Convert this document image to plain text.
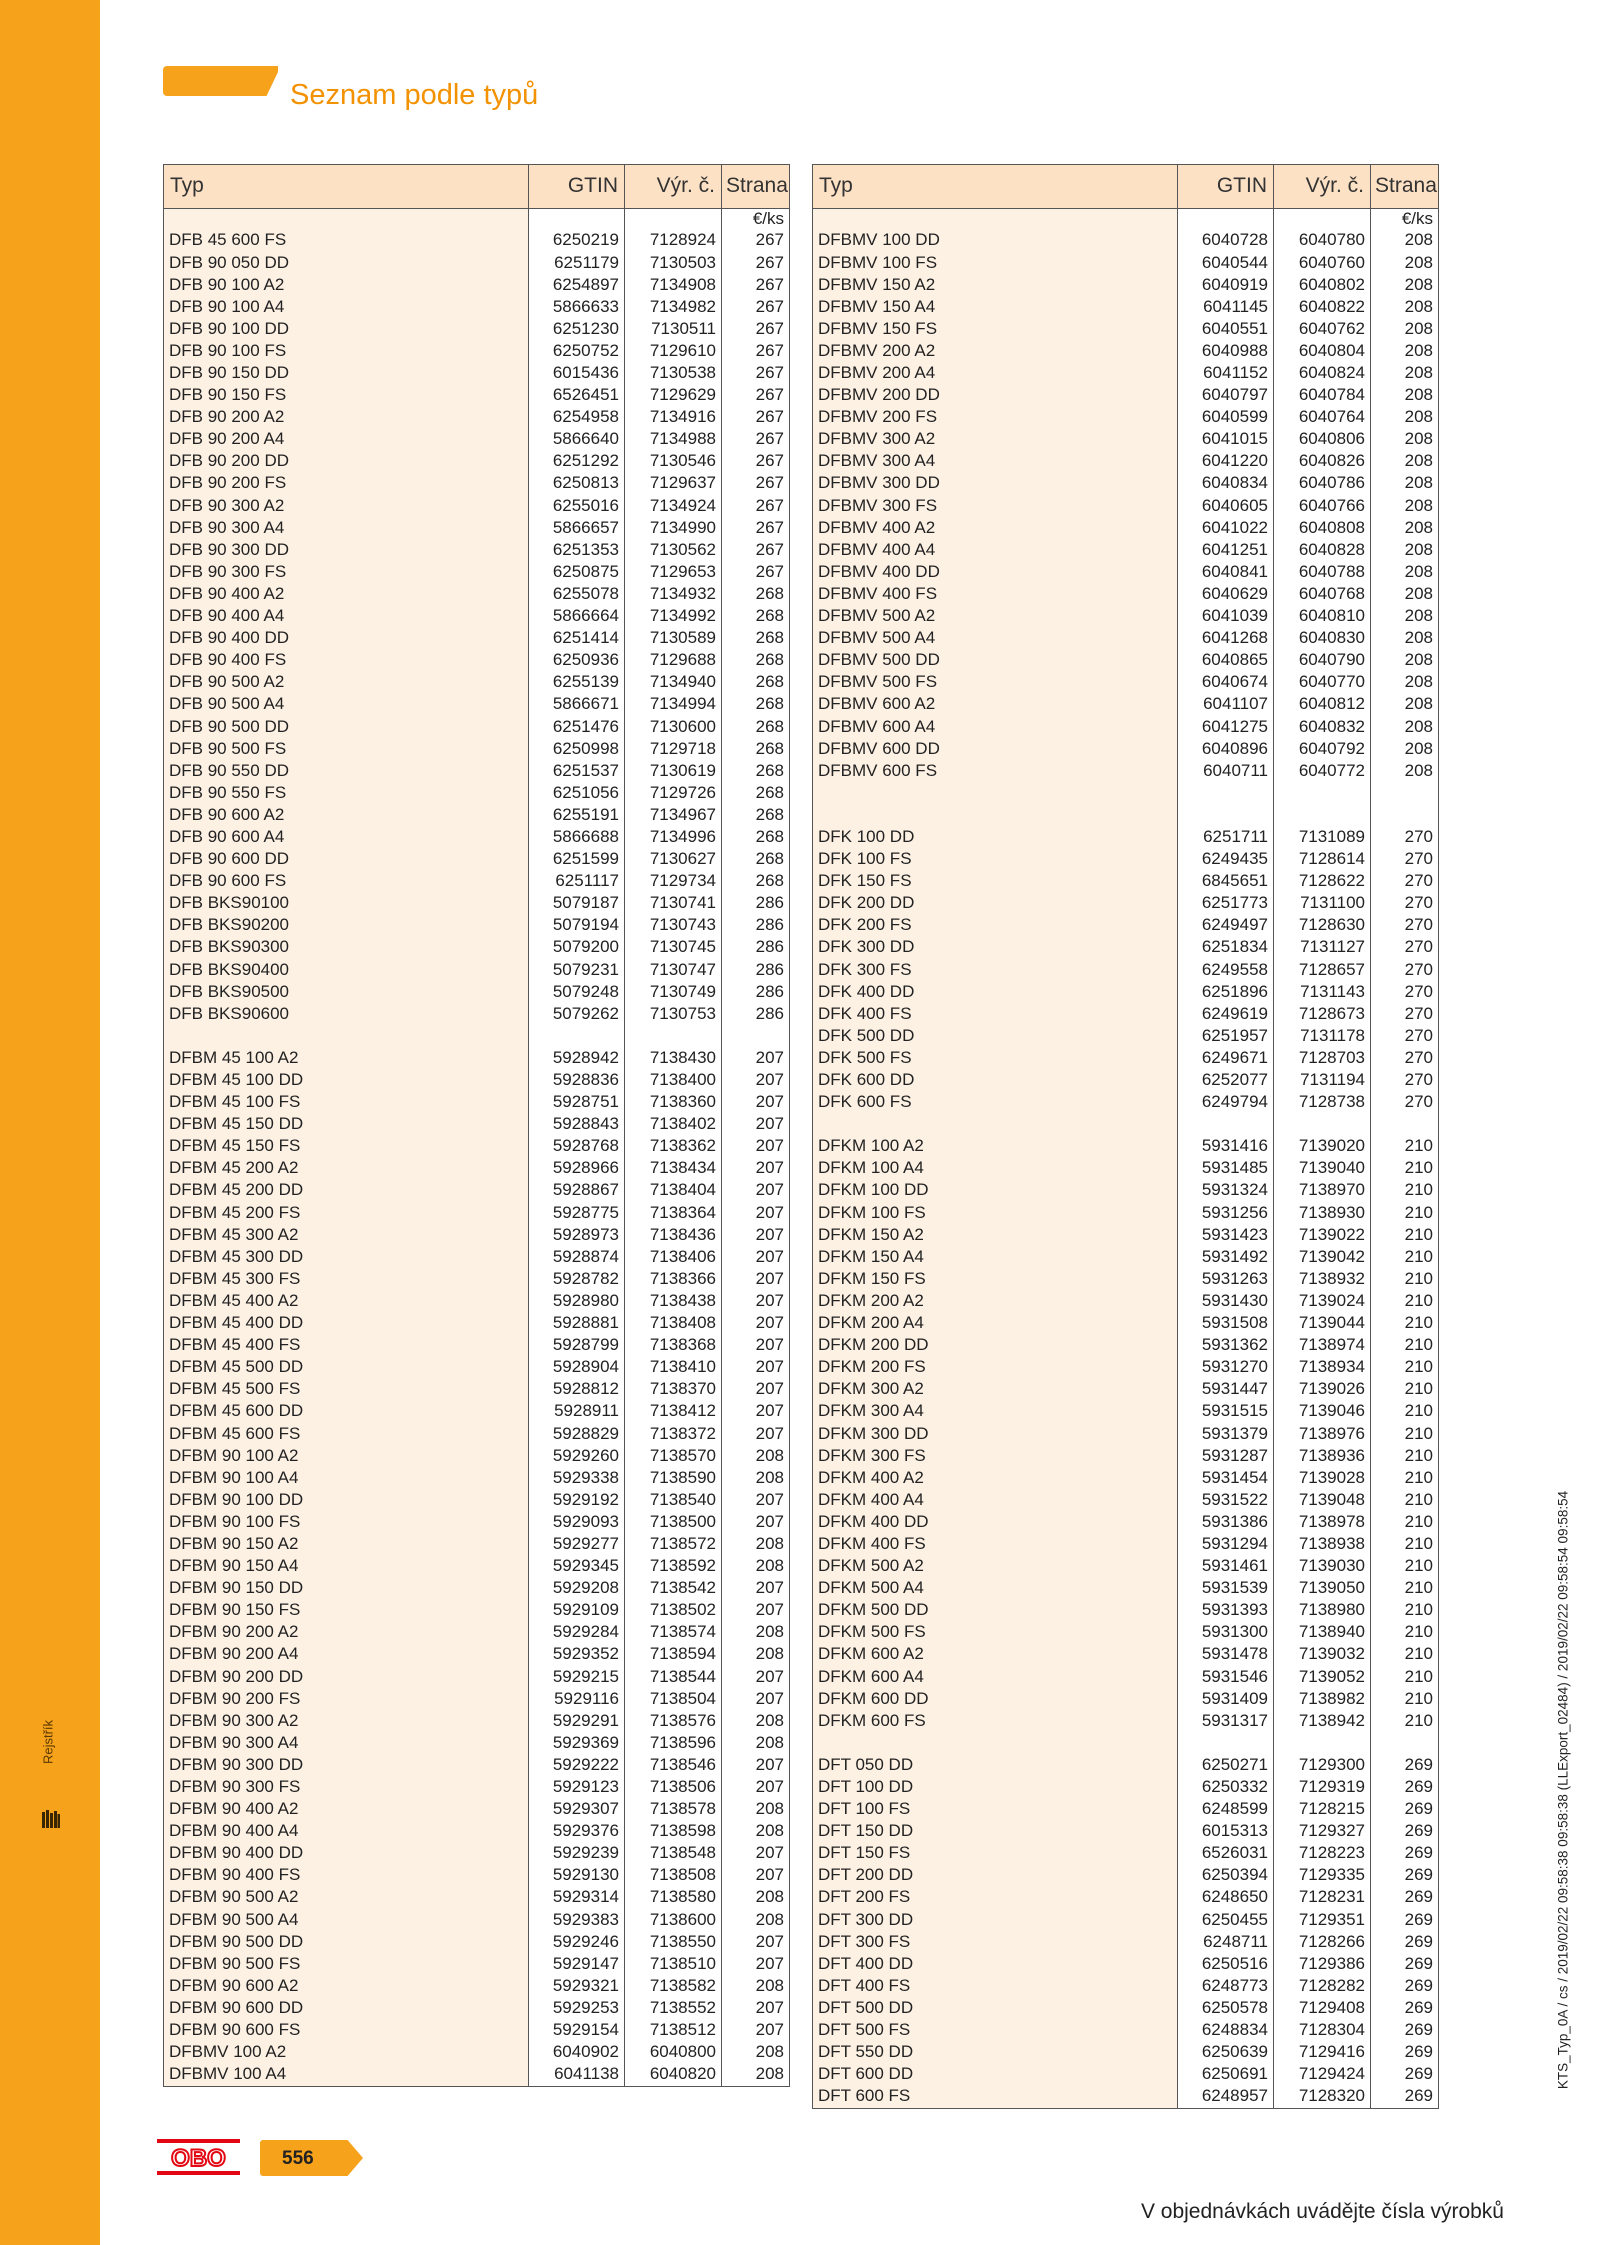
Seznam podle typů
Typ	GTIN	Výr. č.	Strana
			€/ks
DFB 45 600 FS	6250219	7128924	267
DFB 90 050 DD	6251179	7130503	267
DFB 90 100 A2	6254897	7134908	267
DFB 90 100 A4	5866633	7134982	267
DFB 90 100 DD	6251230	7130511	267
DFB 90 100 FS	6250752	7129610	267
DFB 90 150 DD	6015436	7130538	267
DFB 90 150 FS	6526451	7129629	267
DFB 90 200 A2	6254958	7134916	267
DFB 90 200 A4	5866640	7134988	267
DFB 90 200 DD	6251292	7130546	267
DFB 90 200 FS	6250813	7129637	267
DFB 90 300 A2	6255016	7134924	267
DFB 90 300 A4	5866657	7134990	267
DFB 90 300 DD	6251353	7130562	267
DFB 90 300 FS	6250875	7129653	267
DFB 90 400 A2	6255078	7134932	268
DFB 90 400 A4	5866664	7134992	268
DFB 90 400 DD	6251414	7130589	268
DFB 90 400 FS	6250936	7129688	268
DFB 90 500 A2	6255139	7134940	268
DFB 90 500 A4	5866671	7134994	268
DFB 90 500 DD	6251476	7130600	268
DFB 90 500 FS	6250998	7129718	268
DFB 90 550 DD	6251537	7130619	268
DFB 90 550 FS	6251056	7129726	268
DFB 90 600 A2	6255191	7134967	268
DFB 90 600 A4	5866688	7134996	268
DFB 90 600 DD	6251599	7130627	268
DFB 90 600 FS	6251117	7129734	268
DFB BKS90100	5079187	7130741	286
DFB BKS90200	5079194	7130743	286
DFB BKS90300	5079200	7130745	286
DFB BKS90400	5079231	7130747	286
DFB BKS90500	5079248	7130749	286
DFB BKS90600	5079262	7130753	286

DFBM 45 100 A2	5928942	7138430	207
DFBM 45 100 DD	5928836	7138400	207
DFBM 45 100 FS	5928751	7138360	207
DFBM 45 150 DD	5928843	7138402	207
DFBM 45 150 FS	5928768	7138362	207
DFBM 45 200 A2	5928966	7138434	207
DFBM 45 200 DD	5928867	7138404	207
DFBM 45 200 FS	5928775	7138364	207
DFBM 45 300 A2	5928973	7138436	207
DFBM 45 300 DD	5928874	7138406	207
DFBM 45 300 FS	5928782	7138366	207
DFBM 45 400 A2	5928980	7138438	207
DFBM 45 400 DD	5928881	7138408	207
DFBM 45 400 FS	5928799	7138368	207
DFBM 45 500 DD	5928904	7138410	207
DFBM 45 500 FS	5928812	7138370	207
DFBM 45 600 DD	5928911	7138412	207
DFBM 45 600 FS	5928829	7138372	207
DFBM 90 100 A2	5929260	7138570	208
DFBM 90 100 A4	5929338	7138590	208
DFBM 90 100 DD	5929192	7138540	207
DFBM 90 100 FS	5929093	7138500	207
DFBM 90 150 A2	5929277	7138572	208
DFBM 90 150 A4	5929345	7138592	208
DFBM 90 150 DD	5929208	7138542	207
DFBM 90 150 FS	5929109	7138502	207
DFBM 90 200 A2	5929284	7138574	208
DFBM 90 200 A4	5929352	7138594	208
DFBM 90 200 DD	5929215	7138544	207
DFBM 90 200 FS	5929116	7138504	207
DFBM 90 300 A2	5929291	7138576	208
DFBM 90 300 A4	5929369	7138596	208
DFBM 90 300 DD	5929222	7138546	207
DFBM 90 300 FS	5929123	7138506	207
DFBM 90 400 A2	5929307	7138578	208
DFBM 90 400 A4	5929376	7138598	208
DFBM 90 400 DD	5929239	7138548	207
DFBM 90 400 FS	5929130	7138508	207
DFBM 90 500 A2	5929314	7138580	208
DFBM 90 500 A4	5929383	7138600	208
DFBM 90 500 DD	5929246	7138550	207
DFBM 90 500 FS	5929147	7138510	207
DFBM 90 600 A2	5929321	7138582	208
DFBM 90 600 DD	5929253	7138552	207
DFBM 90 600 FS	5929154	7138512	207
DFBMV 100 A2	6040902	6040800	208
DFBMV 100 A4	6041138	6040820	208
Typ	GTIN	Výr. č.	Strana
			€/ks
DFBMV 100 DD	6040728	6040780	208
DFBMV 100 FS	6040544	6040760	208
DFBMV 150 A2	6040919	6040802	208
DFBMV 150 A4	6041145	6040822	208
DFBMV 150 FS	6040551	6040762	208
DFBMV 200 A2	6040988	6040804	208
DFBMV 200 A4	6041152	6040824	208
DFBMV 200 DD	6040797	6040784	208
DFBMV 200 FS	6040599	6040764	208
DFBMV 300 A2	6041015	6040806	208
DFBMV 300 A4	6041220	6040826	208
DFBMV 300 DD	6040834	6040786	208
DFBMV 300 FS	6040605	6040766	208
DFBMV 400 A2	6041022	6040808	208
DFBMV 400 A4	6041251	6040828	208
DFBMV 400 DD	6040841	6040788	208
DFBMV 400 FS	6040629	6040768	208
DFBMV 500 A2	6041039	6040810	208
DFBMV 500 A4	6041268	6040830	208
DFBMV 500 DD	6040865	6040790	208
DFBMV 500 FS	6040674	6040770	208
DFBMV 600 A2	6041107	6040812	208
DFBMV 600 A4	6041275	6040832	208
DFBMV 600 DD	6040896	6040792	208
DFBMV 600 FS	6040711	6040772	208

DFK 100 DD	6251711	7131089	270
DFK 100 FS	6249435	7128614	270
DFK 150 FS	6845651	7128622	270
DFK 200 DD	6251773	7131100	270
DFK 200 FS	6249497	7128630	270
DFK 300 DD	6251834	7131127	270
DFK 300 FS	6249558	7128657	270
DFK 400 DD	6251896	7131143	270
DFK 400 FS	6249619	7128673	270
DFK 500 DD	6251957	7131178	270
DFK 500 FS	6249671	7128703	270
DFK 600 DD	6252077	7131194	270
DFK 600 FS	6249794	7128738	270

DFKM 100 A2	5931416	7139020	210
DFKM 100 A4	5931485	7139040	210
DFKM 100 DD	5931324	7138970	210
DFKM 100 FS	5931256	7138930	210
DFKM 150 A2	5931423	7139022	210
DFKM 150 A4	5931492	7139042	210
DFKM 150 FS	5931263	7138932	210
DFKM 200 A2	5931430	7139024	210
DFKM 200 A4	5931508	7139044	210
DFKM 200 DD	5931362	7138974	210
DFKM 200 FS	5931270	7138934	210
DFKM 300 A2	5931447	7139026	210
DFKM 300 A4	5931515	7139046	210
DFKM 300 DD	5931379	7138976	210
DFKM 300 FS	5931287	7138936	210
DFKM 400 A2	5931454	7139028	210
DFKM 400 A4	5931522	7139048	210
DFKM 400 DD	5931386	7138978	210
DFKM 400 FS	5931294	7138938	210
DFKM 500 A2	5931461	7139030	210
DFKM 500 A4	5931539	7139050	210
DFKM 500 DD	5931393	7138980	210
DFKM 500 FS	5931300	7138940	210
DFKM 600 A2	5931478	7139032	210
DFKM 600 A4	5931546	7139052	210
DFKM 600 DD	5931409	7138982	210
DFKM 600 FS	5931317	7138942	210

DFT 050 DD	6250271	7129300	269
DFT 100 DD	6250332	7129319	269
DFT 100 FS	6248599	7128215	269
DFT 150 DD	6015313	7129327	269
DFT 150 FS	6526031	7128223	269
DFT 200 DD	6250394	7129335	269
DFT 200 FS	6248650	7128231	269
DFT 300 DD	6250455	7129351	269
DFT 300 FS	6248711	7128266	269
DFT 400 DD	6250516	7129386	269
DFT 400 FS	6248773	7128282	269
DFT 500 DD	6250578	7129408	269
DFT 500 FS	6248834	7128304	269
DFT 550 DD	6250639	7129416	269
DFT 600 DD	6250691	7129424	269
DFT 600 FS	6248957	7128320	269
OBO	556
V objednávkách uvádějte čísla výrobků
Rejstřík	KTS_Typ_0A / cs / 2019/02/22 09:58:38 09:58:38 (LLExport_02484) / 2019/02/22 09:58:54 09:58:54
